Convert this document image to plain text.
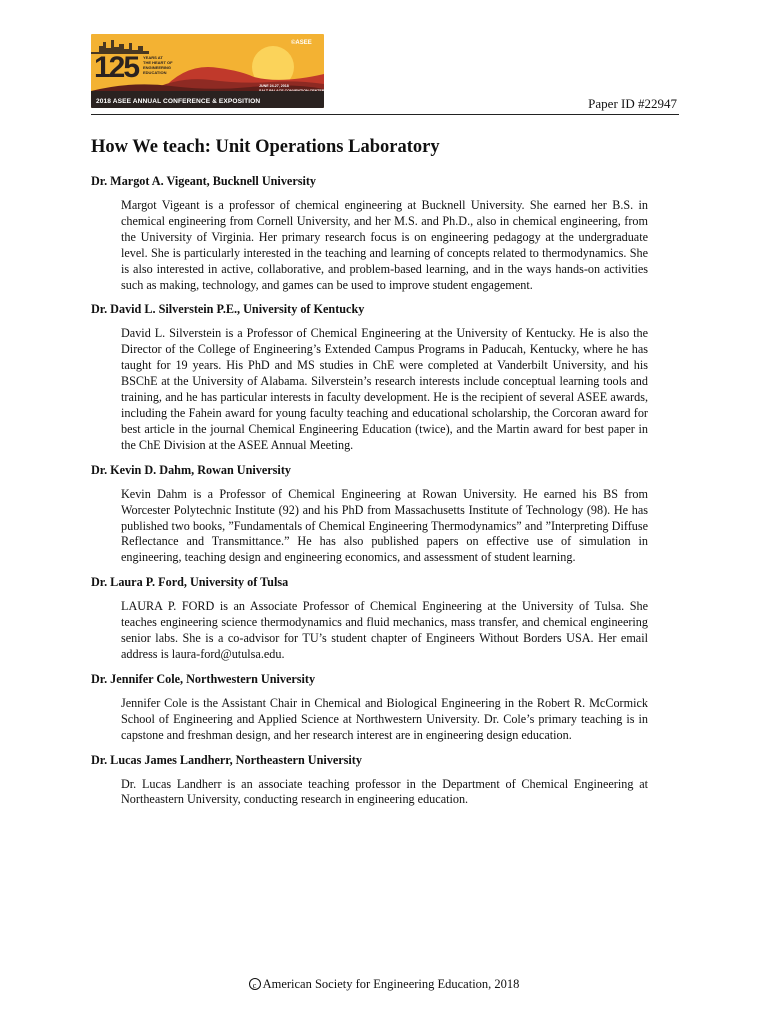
125 YEARS AT
THE HEART OF
ENGINEERING
EDUCATION
©ASEE
JUNE 24-27, 2018
2018 ASEE ANNUAL CONFERENCE & EXPOSITION	Paper ID #22947
How We teach: Unit Operations Laboratory

Dr. Margot A. Vigeant, Bucknell University

Margot Vigeant is a professor of chemical engineering at Bucknell University. She earned her B.S. in chemical engineering from Cornell University, and her M.S. and Ph.D., also in chemical engineering, from the University of Virginia. Her primary research focus is on engineering pedagogy at the undergraduate level. She is particularly interested in the teaching and learning of concepts related to thermodynamics. She is also interested in active, collaborative, and problem-based learning, and in the ways hands-on activities such as making, technology, and games can be used to improve student engagement.

Dr. David L. Silverstein P.E., University of Kentucky

David L. Silverstein is a Professor of Chemical Engineering at the University of Kentucky. He is also the Director of the College of Engineering’s Extended Campus Programs in Paducah, Kentucky, where he has taught for 19 years. His PhD and MS studies in ChE were completed at Vanderbilt University, and his BSChE at the University of Alabama. Silverstein’s research interests include conceptual learning tools and training, and he has particular interests in faculty development. He is the recipient of several ASEE awards, including the Fahein award for young faculty teaching and educational scholarship, the Corcoran award for best article in the journal Chemical Engineering Education (twice), and the Martin award for best paper in the ChE Division at the ASEE Annual Meeting.

Dr. Kevin D. Dahm, Rowan University

Kevin Dahm is a Professor of Chemical Engineering at Rowan University. He earned his BS from Worcester Polytechnic Institute (92) and his PhD from Massachusetts Institute of Technology (98). He has published two books, ”Fundamentals of Chemical Engineering Thermodynamics” and ”Interpreting Diffuse Reflectance and Transmittance.” He has also published papers on effective use of simulation in engineering, teaching design and engineering economics, and assessment of student learning.

Dr. Laura P. Ford, University of Tulsa

LAURA P. FORD is an Associate Professor of Chemical Engineering at the University of Tulsa. She teaches engineering science thermodynamics and fluid mechanics, mass transfer, and chemical engineering senior labs. She is a co-advisor for TU’s student chapter of Engineers Without Borders USA. Her email address is laura-ford@utulsa.edu.

Dr. Jennifer Cole, Northwestern University

Jennifer Cole is the Assistant Chair in Chemical and Biological Engineering in the Robert R. McCormick School of Engineering and Applied Science at Northwestern University. Dr. Cole’s primary teaching is in capstone and freshman design, and her research interest are in engineering design education.

Dr. Lucas James Landherr, Northeastern University

Dr. Lucas Landherr is an associate teaching professor in the Department of Chemical Engineering at Northeastern University, conducting research in engineering education.

c American Society for Engineering Education, 2018
